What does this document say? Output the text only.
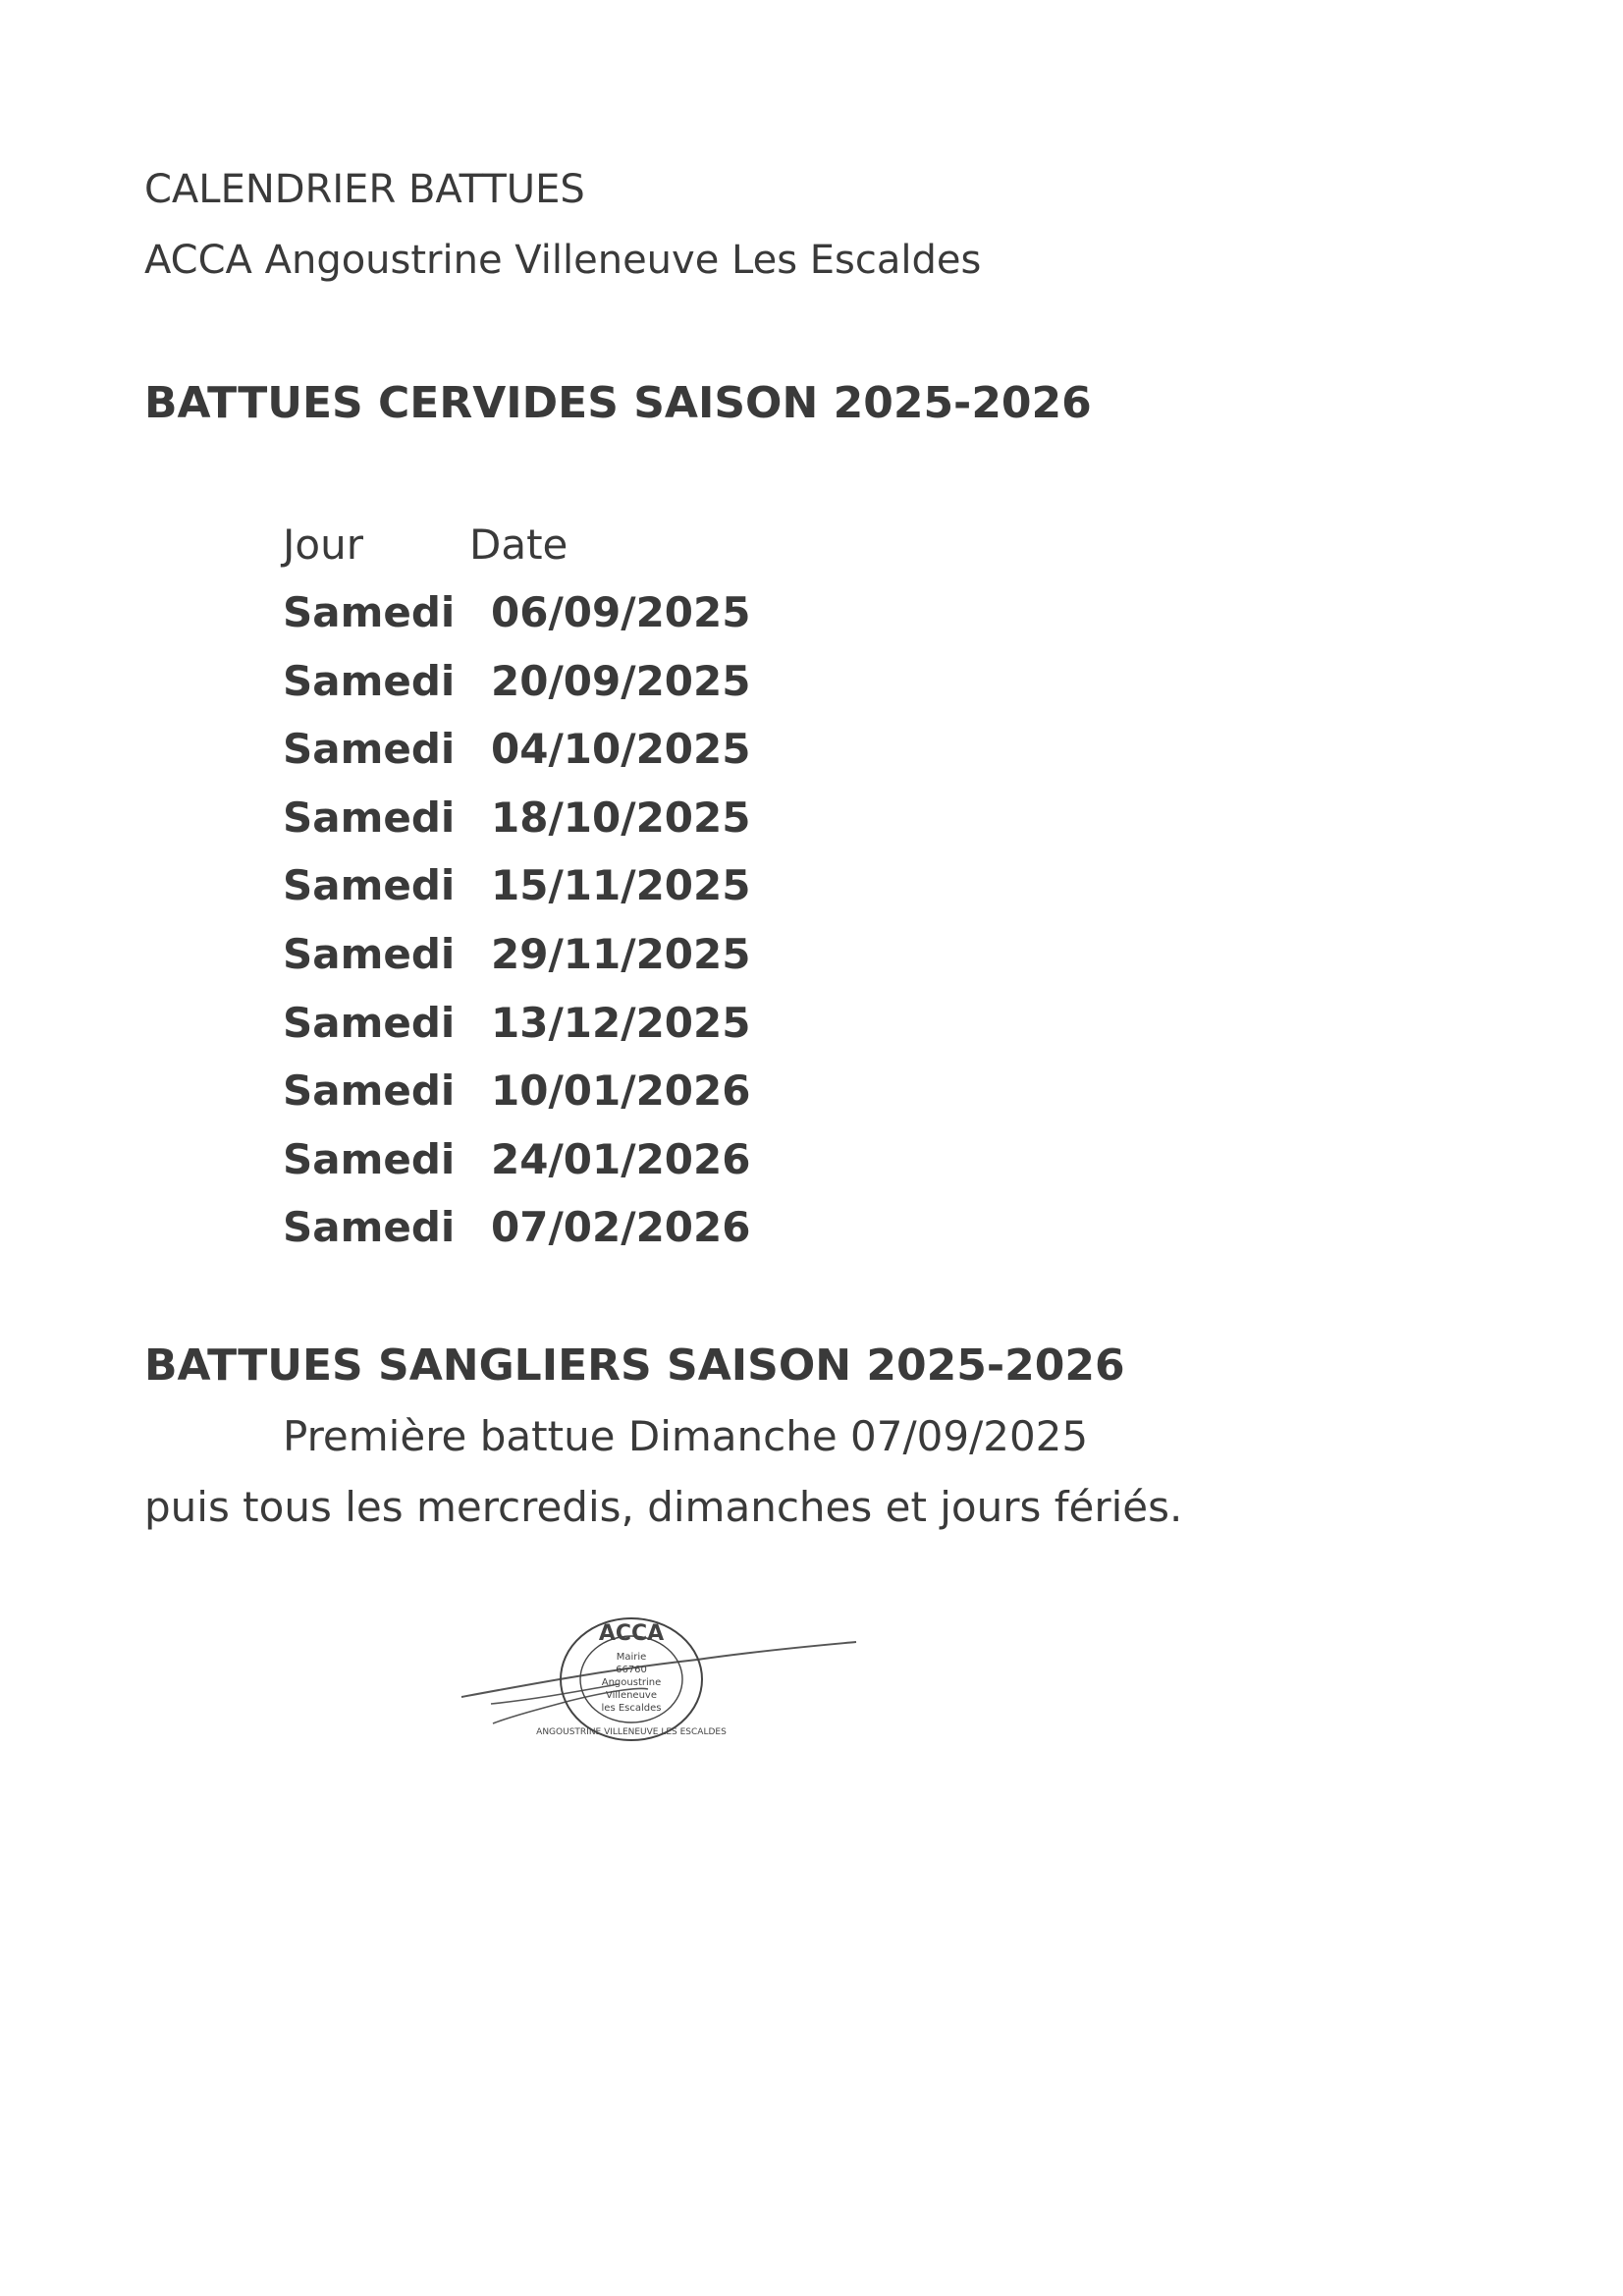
CALENDRIER BATTUES
ACCA Angoustrine Villeneuve Les Escaldes
BATTUES CERVIDES SAISON 2025-2026
Jour	Date
Samedi 06/09/2025
Samedi 20/09/2025
Samedi 04/10/2025
Samedi 18/10/2025
Samedi 15/11/2025
Samedi 29/11/2025
Samedi 13/12/2025
Samedi 10/01/2026
Samedi 24/01/2026
Samedi 07/02/2026
BATTUES SANGLIERS SAISON 2025-2026
Première battue Dimanche 07/09/2025
puis tous les mercredis, dimanches et jours fériés.
ACCA
Mairie
66760
Angoustrine
Villeneuve
les Escaldes
ANGOUSTRINE VILLENEUVE LES ESCALDES
